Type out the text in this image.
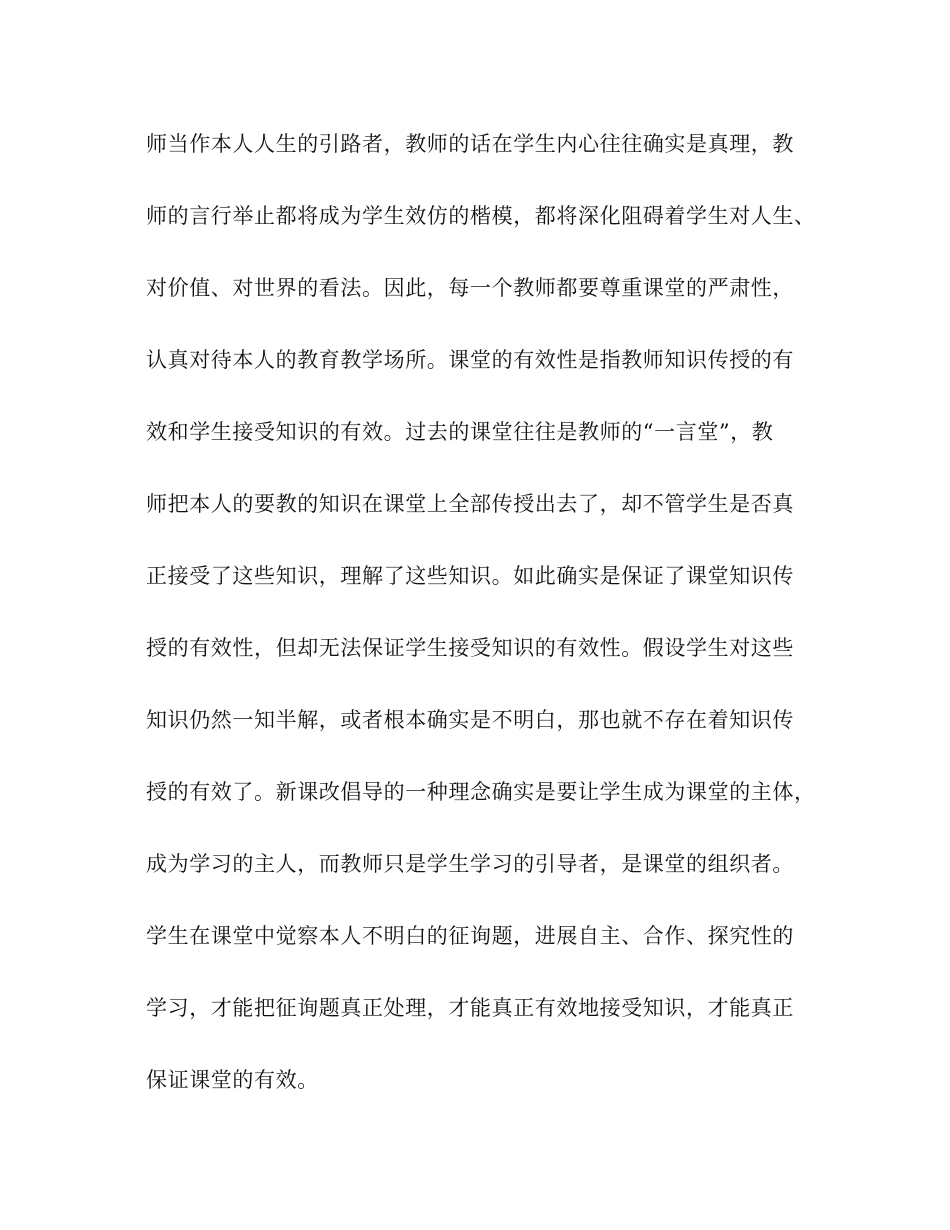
师当作本人人生的引路者，教师的话在学生内心往往确实是真理，教
师的言行举止都将成为学生效仿的楷模，都将深化阻碍着学生对人生、
对价值、对世界的看法。因此，每一个教师都要尊重课堂的严肃性，
认真对待本人的教育教学场所。课堂的有效性是指教师知识传授的有
效和学生接受知识的有效。过去的课堂往往是教师的“一言堂”，教
师把本人的要教的知识在课堂上全部传授出去了，却不管学生是否真
正接受了这些知识，理解了这些知识。如此确实是保证了课堂知识传
授的有效性，但却无法保证学生接受知识的有效性。假设学生对这些
知识仍然一知半解，或者根本确实是不明白，那也就不存在着知识传
授的有效了。新课改倡导的一种理念确实是要让学生成为课堂的主体，
成为学习的主人，而教师只是学生学习的引导者，是课堂的组织者。
学生在课堂中觉察本人不明白的征询题，进展自主、合作、探究性的
学习，才能把征询题真正处理，才能真正有效地接受知识，才能真正
保证课堂的有效。
